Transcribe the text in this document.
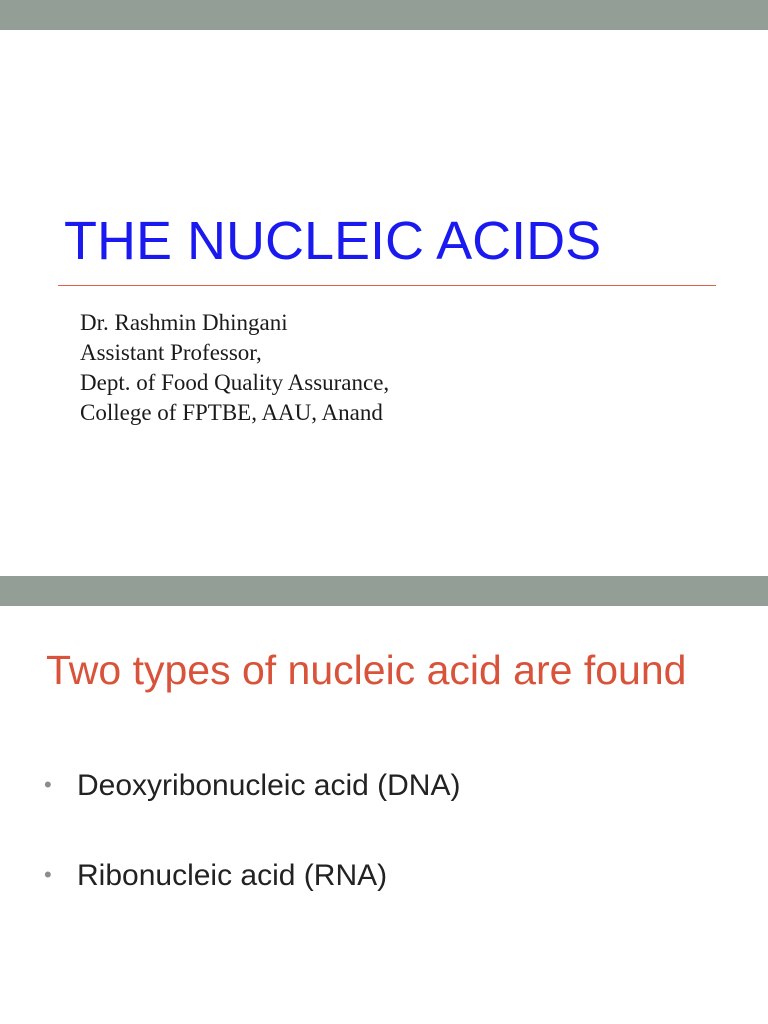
THE NUCLEIC ACIDS
Dr. Rashmin Dhingani
Assistant Professor,
Dept. of Food Quality Assurance,
College of FPTBE, AAU, Anand
Two types of nucleic acid are found
• Deoxyribonucleic acid (DNA)
• Ribonucleic acid (RNA)
